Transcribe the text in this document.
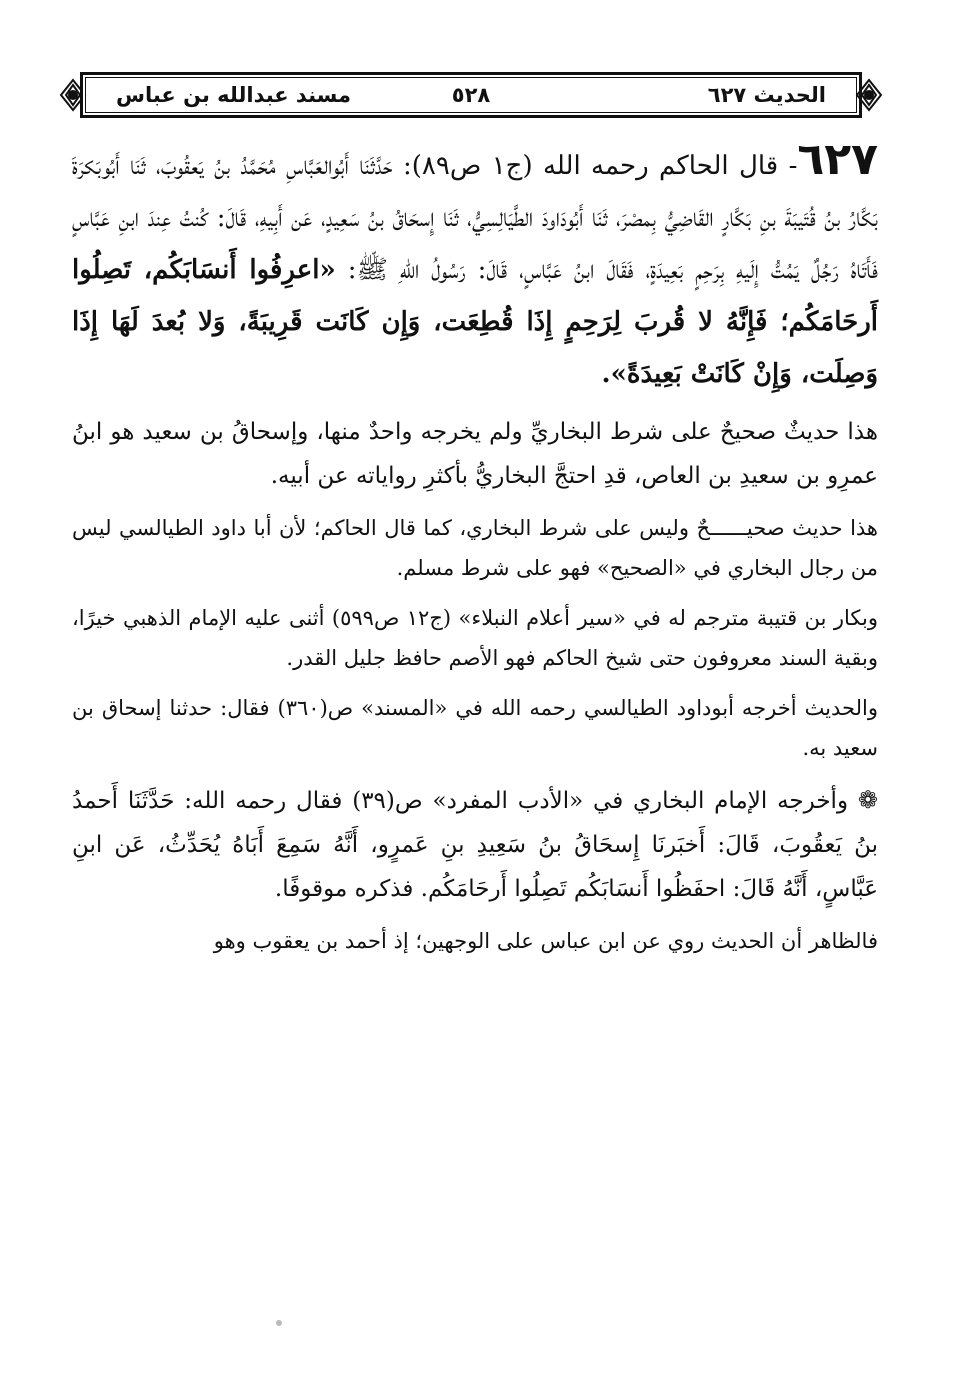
الحديث ٦٢٧
٥٢٨
مسند عبدالله بن عباس

٦٢٧- قال الحاكم رحمه الله (ج١ ص٨٩): حَدَّثَنَا أَبُوالعَبَّاسِ مُحَمَّدُ بنُ يَعقُوبَ، ثَنَا أَبُوبَكرَةَ بَكَّارُ بنُ قُتَيبَةَ بنِ بَكَّارٍ القَاضِيُّ بِمصْرَ، ثَنَا أَبُودَاودَ الطَّيَالِسِيُّ، ثَنَا إِسحَاقُ بنُ سَعِيدٍ، عَن أَبِيهِ، قَالَ: كُنتُ عِندَ ابنِ عَبَّاسٍ فَأَتَاهُ رَجُلٌ يَمُتُّ إِلَيهِ بِرَحِمٍ بَعِيدَةٍ، فَقَالَ ابنُ عَبَّاسٍ، قَالَ: رَسُولُ اللهِ ﷺ: «اعرِفُوا أَنسَابَكُم، تَصِلُوا أَرحَامَكُم؛ فَإِنَّهُ لا قُربَ لِرَحِمٍ إِذَا قُطِعَت، وَإِن كَانَت قَرِيبَةً، وَلا بُعدَ لَهَا إِذَا وَصِلَت، وَإِنْ كَانَتْ بَعِيدَةً».

هذا حديثٌ صحيحٌ على شرط البخاريِّ ولم يخرجه واحدٌ منها، وإسحاقُ بن سعيد هو ابنُ عمرِو بن سعيدِ بن العاص، قدِ احتجَّ البخاريُّ بأكثرِ رواياته عن أبيه.

هذا حديث صحيــــــحٌ وليس على شرط البخاري، كما قال الحاكم؛ لأن أبا داود الطيالسي ليس من رجال البخاري في «الصحيح» فهو على شرط مسلم.

وبكار بن قتيبة مترجم له في «سير أعلام النبلاء» (ج١٢ ص٥٩٩) أثنى عليه الإمام الذهبي خيرًا، وبقية السند معروفون حتى شيخ الحاكم فهو الأصم حافظ جليل القدر.

والحديث أخرجه أبوداود الطيالسي رحمه الله في «المسند» ص(٣٦٠) فقال: حدثنا إسحاق بن سعيد به.

❁ وأخرجه الإمام البخاري في «الأدب المفرد» ص(٣٩) فقال رحمه الله: حَدَّثَنَا أَحمدُ بنُ يَعقُوبَ، قَالَ: أَخبَرنَا إِسحَاقُ بنُ سَعِيدِ بنِ عَمرٍو، أَنَّهُ سَمِعَ أَبَاهُ يُحَدِّثُ، عَن ابنِ عَبَّاسٍ، أَنَّهُ قَالَ: احفَظُوا أَنسَابَكُم تَصِلُوا أَرحَامَكُم. فذكره موقوفًا.

فالظاهر أن الحديث روي عن ابن عباس على الوجهين؛ إذ أحمد بن يعقوب وهو
